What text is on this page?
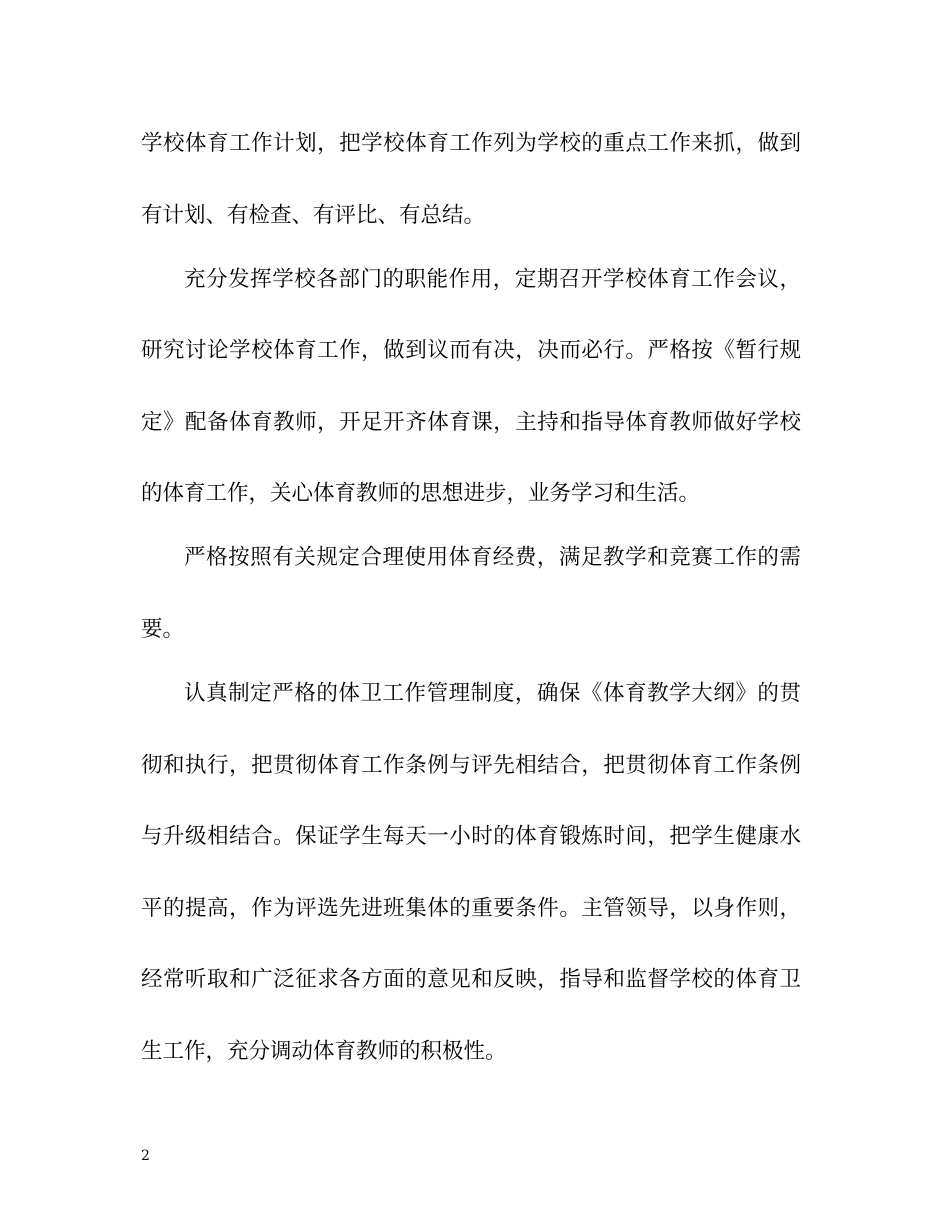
学校体育工作计划，把学校体育工作列为学校的重点工作来抓，做到
有计划、有检查、有评比、有总结。
充分发挥学校各部门的职能作用，定期召开学校体育工作会议，
研究讨论学校体育工作，做到议而有决，决而必行。严格按《暂行规
定》配备体育教师，开足开齐体育课，主持和指导体育教师做好学校
的体育工作，关心体育教师的思想进步，业务学习和生活。
严格按照有关规定合理使用体育经费，满足教学和竞赛工作的需
要。
认真制定严格的体卫工作管理制度，确保《体育教学大纲》的贯
彻和执行，把贯彻体育工作条例与评先相结合，把贯彻体育工作条例
与升级相结合。保证学生每天一小时的体育锻炼时间，把学生健康水
平的提高，作为评选先进班集体的重要条件。主管领导，以身作则，
经常听取和广泛征求各方面的意见和反映，指导和监督学校的体育卫
生工作，充分调动体育教师的积极性。
2
